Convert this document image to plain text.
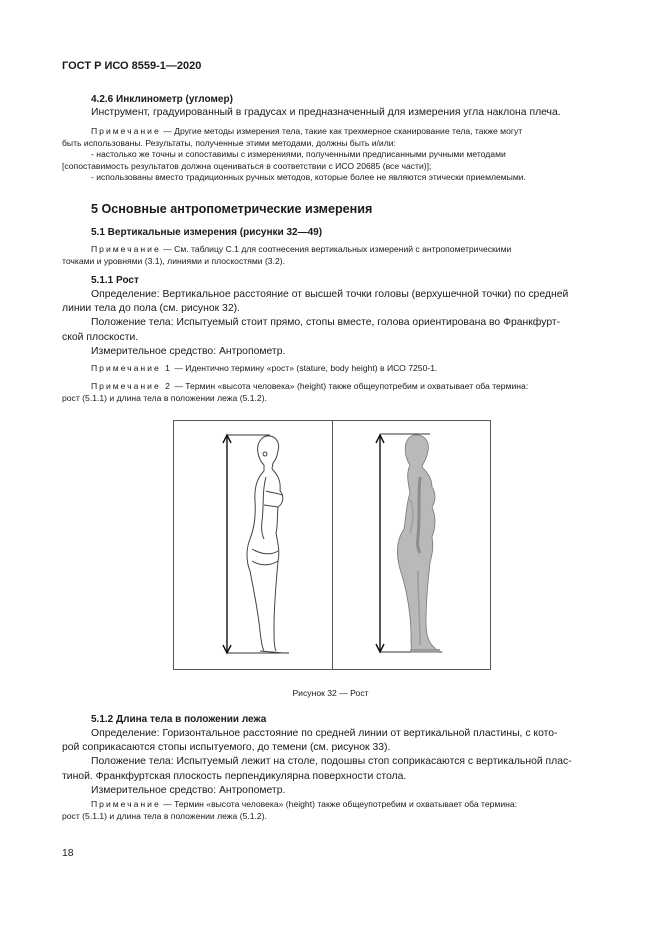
ГОСТ Р ИСО 8559-1—2020
4.2.6 Инклинометр (угломер)
Инструмент, градуированный в градусах и предназначенный для измерения угла наклона плеча.
Примечание — Другие методы измерения тела, такие как трехмерное сканирование тела, также могут
быть использованы. Результаты, полученные этими методами, должны быть и/или:
- настолько же точны и сопоставимы с измерениями, полученными предписанными ручными методами
[сопоставимость результатов должна оцениваться в соответствии с ИСО 20685 (все части)];
- использованы вместо традиционных ручных методов, которые более не являются этически приемлемыми.
5 Основные антропометрические измерения
5.1 Вертикальные измерения (рисунки 32—49)
Примечание — См. таблицу С.1 для соотнесения вертикальных измерений с антропометрическими
точками и уровнями (3.1), линиями и плоскостями (3.2).
5.1.1 Рост
Определение: Вертикальное расстояние от высшей точки головы (верхушечной точки) по средней
линии тела до пола (см. рисунок 32).
Положение тела: Испытуемый стоит прямо, стопы вместе, голова ориентирована во Франкфурт-
ской плоскости.
Измерительное средство: Антропометр.
Примечание 1 — Идентично термину «рост» (stature, body height) в ИСО 7250-1.
Примечание 2 — Термин «высота человека» (height) также общеупотребим и охватывает оба термина:
рост (5.1.1) и длина тела в положении лежа (5.1.2).
Рисунок 32 — Рост
5.1.2 Длина тела в положении лежа
Определение: Горизонтальное расстояние по средней линии от вертикальной пластины, с кото-
рой соприкасаются стопы испытуемого, до темени (см. рисунок 33).
Положение тела: Испытуемый лежит на столе, подошвы стоп соприкасаются с вертикальной плас-
тиной. Франкфуртская плоскость перпендикулярна поверхности стола.
Измерительное средство: Антропометр.
Примечание — Термин «высота человека» (height) также общеупотребим и охватывает оба термина:
рост (5.1.1) и длина тела в положении лежа (5.1.2).
18
